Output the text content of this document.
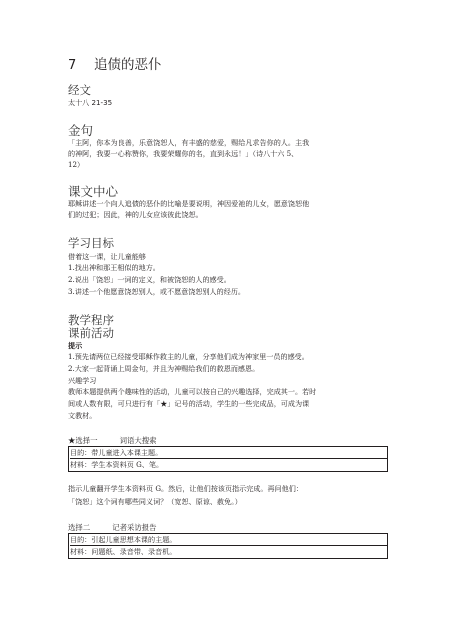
7 追债的恶仆
经文
太十八 21-35
金句
「主阿，你本为良善，乐意饶恕人，有丰盛的慈爱，赐给凡求告你的人。主我
的神阿，我要一心称赞你，我要荣耀你的名，直到永远！」（诗八十六 5、
12）
课文中心
耶稣讲述一个向人追债的恶仆的比喻是要说明，神因爱祂的儿女，愿意饶恕他
们的过犯；因此，神的儿女应该彼此饶恕。
学习目标
借着这一课，让儿童能够
1.找出神和那王相似的地方。
2.说出「饶恕」一词的定义，和被饶恕的人的感受。
3.讲述一个他愿意饶恕别人，或不愿意饶恕别人的经历。
教学程序
课前活动
提示
1.预先请两位已经接受耶稣作救主的儿童，分享他们成为神家里一员的感受。
2.大家一起背诵上周金句，并且为神赐给我们的救恩而感恩。
兴趣学习
教师本题提供两个趣味性的活动，儿童可以按自己的兴趣选择，完成其一。若时
间或人数有限，可只进行有「★」记号的活动，学生的一些完成品，可成为课
文教材。
★选择一	词语大搜索
目的：带儿童进入本课主题。
材料：学生本资料页 G、笔。
指示儿童翻开学生本资料页 G。然后，让他们按该页指示完成。再问他们：
「饶恕」这个词有哪些同义词？（宽恕、原谅、赦免。）
选择二	记者采访报告
目的：引起儿童思想本课的主题。
材料：问题纸、录音带、录音机。
